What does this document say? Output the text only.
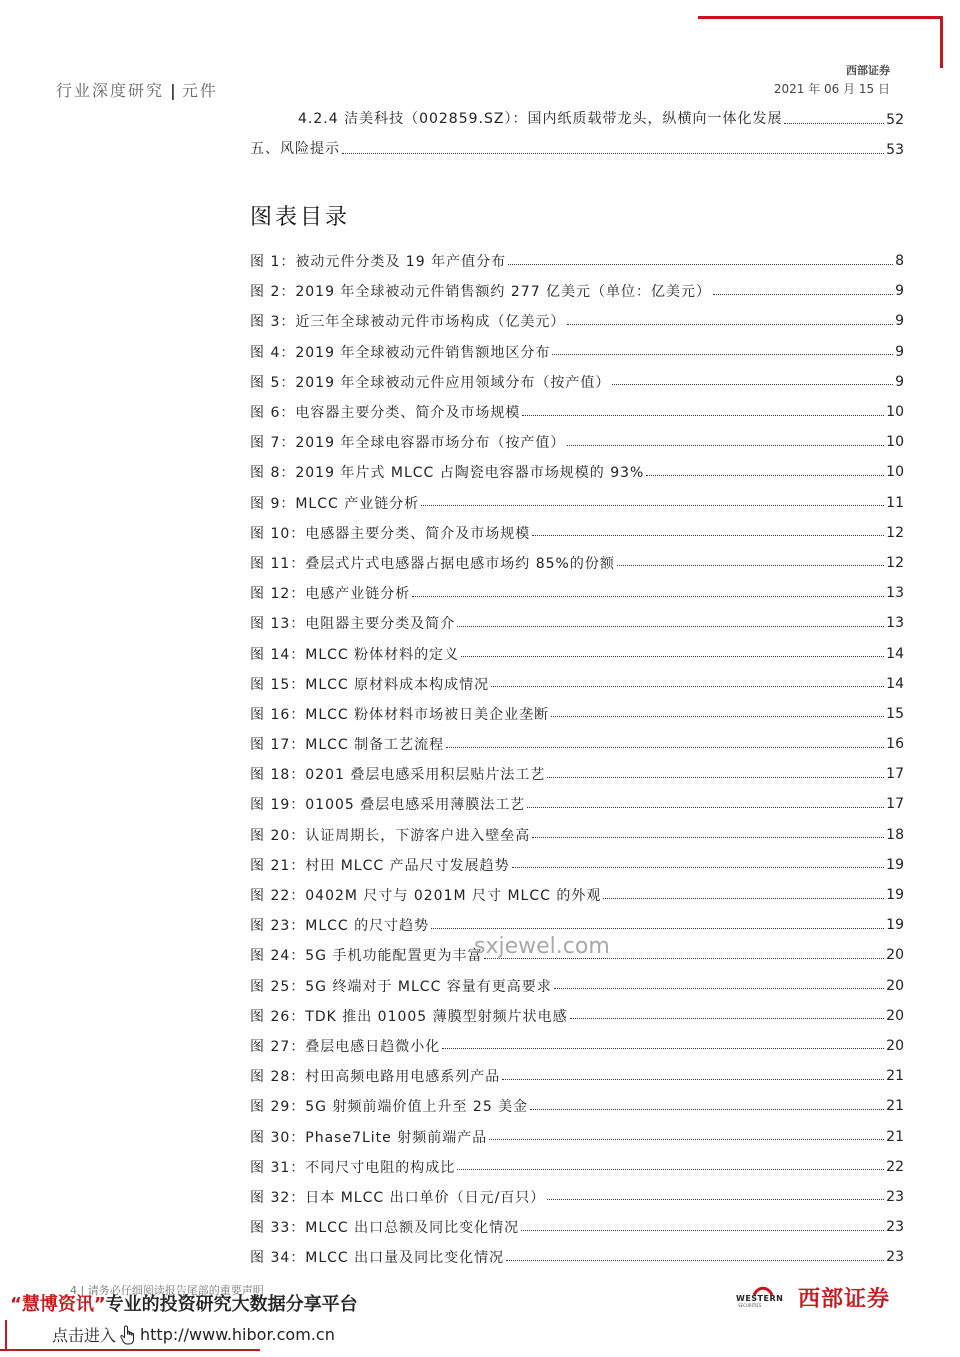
行业深度研究 | 元件
西部证券
2021 年 06 月 15 日
4.2.4 洁美科技（002859.SZ）：国内纸质载带龙头，纵横向一体化发展	52
五、风险提示	53
图表目录
图 1：被动元件分类及 19 年产值分布	8
图 2：2019 年全球被动元件销售额约 277 亿美元（单位：亿美元）	9
图 3：近三年全球被动元件市场构成（亿美元）	9
图 4：2019 年全球被动元件销售额地区分布	9
图 5：2019 年全球被动元件应用领域分布（按产值）	9
图 6：电容器主要分类、简介及市场规模	10
图 7：2019 年全球电容器市场分布（按产值）	10
图 8：2019 年片式 MLCC 占陶瓷电容器市场规模的 93%	10
图 9：MLCC 产业链分析	11
图 10：电感器主要分类、简介及市场规模	12
图 11：叠层式片式电感器占据电感市场约 85%的份额	12
图 12：电感产业链分析	13
图 13：电阻器主要分类及简介	13
图 14：MLCC 粉体材料的定义	14
图 15：MLCC 原材料成本构成情况	14
图 16：MLCC 粉体材料市场被日美企业垄断	15
图 17：MLCC 制备工艺流程	16
图 18：0201 叠层电感采用积层贴片法工艺	17
图 19：01005 叠层电感采用薄膜法工艺	17
图 20：认证周期长，下游客户进入壁垒高	18
图 21：村田 MLCC 产品尺寸发展趋势	19
图 22：0402M 尺寸与 0201M 尺寸 MLCC 的外观	19
图 23：MLCC 的尺寸趋势	19
图 24：5G 手机功能配置更为丰富	20
图 25：5G 终端对于 MLCC 容量有更高要求	20
图 26：TDK 推出 01005 薄膜型射频片状电感	20
图 27：叠层电感日趋微小化	20
图 28：村田高频电路用电感系列产品	21
图 29：5G 射频前端价值上升至 25 美金	21
图 30：Phase7Lite 射频前端产品	21
图 31：不同尺寸电阻的构成比	22
图 32：日本 MLCC 出口单价（日元/百只）	23
图 33：MLCC 出口总额及同比变化情况	23
图 34：MLCC 出口量及同比变化情况	23
sxjewel.com
4 | 请务必仔细阅读报告尾部的重要声明
“慧博资讯”专业的投资研究大数据分享平台
点击进入 http://www.hibor.com.cn
WESTERN
SECURITIES 西部证券
